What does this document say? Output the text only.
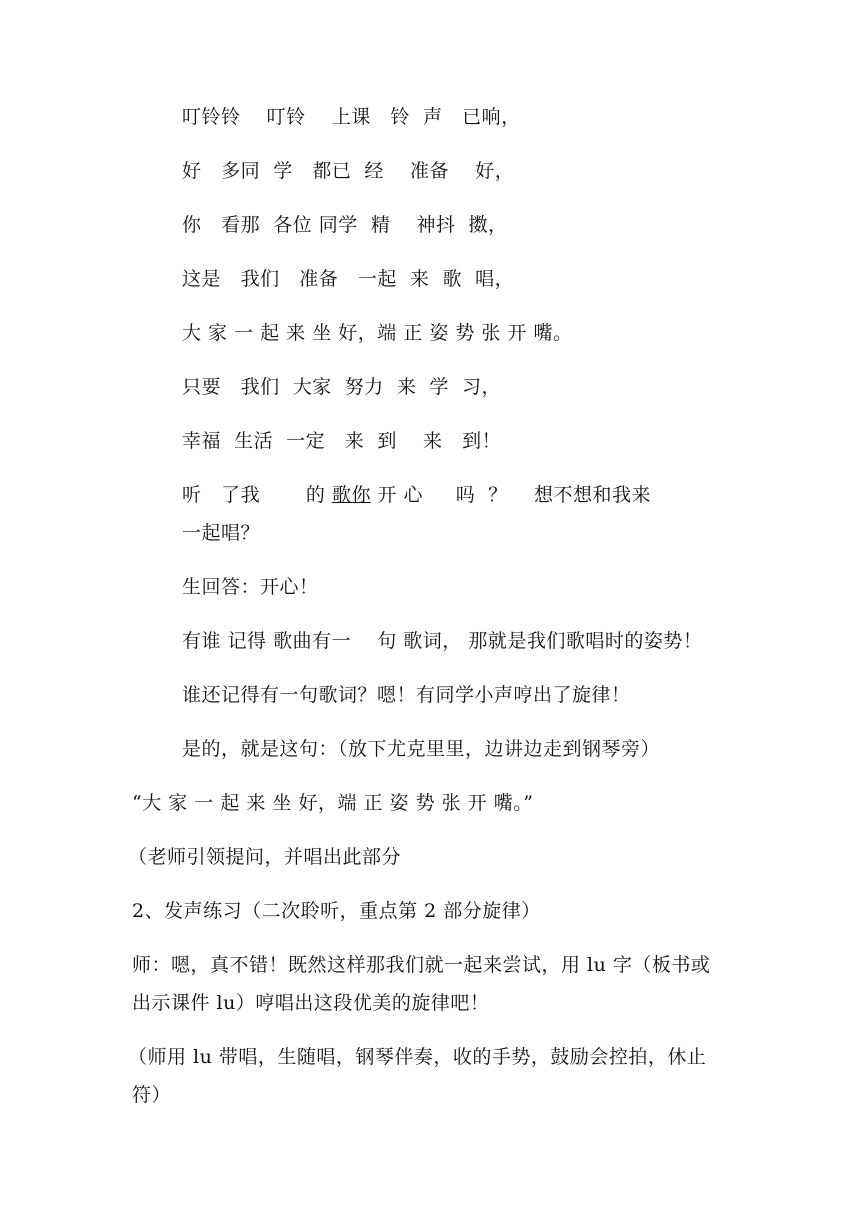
叮铃铃    叮铃    上课   铃  声   已响，
好   多同  学   都已  经    准备    好，
你   看那  各位 同学  精    神抖  擞，
这是   我们   准备   一起  来  歌  唱，
大 家 一 起 来 坐 好，端 正 姿 势 张 开 嘴。
只要   我们  大家  努力  来  学  习，
幸福  生活  一定   来  到    来   到！
听   了我       的 歌你 开 心     吗  ？    想不想和我来
一起唱？
生回答：开心！
有谁 记得 歌曲有一    句 歌词， 那就是我们歌唱时的姿势！
谁还记得有一句歌词？嗯！有同学小声哼出了旋律！
是的，就是这句：（放下尤克里里，边讲边走到钢琴旁）
“大 家 一 起 来 坐 好，端 正 姿 势 张 开 嘴。”
（老师引领提问，并唱出此部分
2、发声练习（二次聆听，重点第 2 部分旋律）
师：嗯，真不错！既然这样那我们就一起来尝试，用 lu 字（板书或
出示课件 lu）哼唱出这段优美的旋律吧！
（师用 lu 带唱，生随唱，钢琴伴奏，收的手势，鼓励会控拍，休止
符）
